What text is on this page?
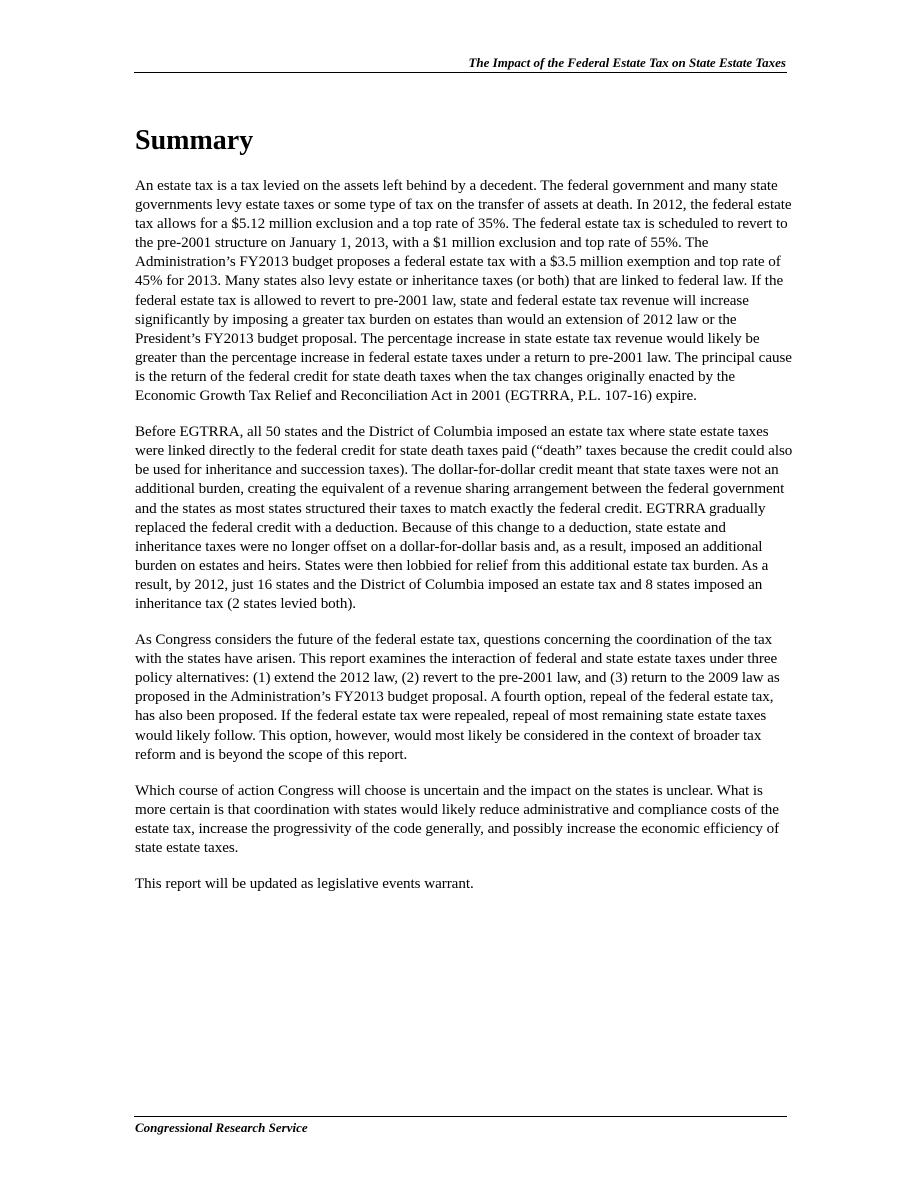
The Impact of the Federal Estate Tax on State Estate Taxes
Summary

An estate tax is a tax levied on the assets left behind by a decedent. The federal government and many state governments levy estate taxes or some type of tax on the transfer of assets at death. In 2012, the federal estate tax allows for a $5.12 million exclusion and a top rate of 35%. The federal estate tax is scheduled to revert to the pre-2001 structure on January 1, 2013, with a $1 million exclusion and top rate of 55%. The Administration’s FY2013 budget proposes a federal estate tax with a $3.5 million exemption and top rate of 45% for 2013. Many states also levy estate or inheritance taxes (or both) that are linked to federal law. If the federal estate tax is allowed to revert to pre-2001 law, state and federal estate tax revenue will increase significantly by imposing a greater tax burden on estates than would an extension of 2012 law or the President’s FY2013 budget proposal. The percentage increase in state estate tax revenue would likely be greater than the percentage increase in federal estate taxes under a return to pre-2001 law. The principal cause is the return of the federal credit for state death taxes when the tax changes originally enacted by the Economic Growth Tax Relief and Reconciliation Act in 2001 (EGTRRA, P.L. 107-16) expire.

Before EGTRRA, all 50 states and the District of Columbia imposed an estate tax where state estate taxes were linked directly to the federal credit for state death taxes paid (“death” taxes because the credit could also be used for inheritance and succession taxes). The dollar-for-dollar credit meant that state taxes were not an additional burden, creating the equivalent of a revenue sharing arrangement between the federal government and the states as most states structured their taxes to match exactly the federal credit. EGTRRA gradually replaced the federal credit with a deduction. Because of this change to a deduction, state estate and inheritance taxes were no longer offset on a dollar-for-dollar basis and, as a result, imposed an additional burden on estates and heirs. States were then lobbied for relief from this additional estate tax burden. As a result, by 2012, just 16 states and the District of Columbia imposed an estate tax and 8 states imposed an inheritance tax (2 states levied both).

As Congress considers the future of the federal estate tax, questions concerning the coordination of the tax with the states have arisen. This report examines the interaction of federal and state estate taxes under three policy alternatives: (1) extend the 2012 law, (2) revert to the pre-2001 law, and (3) return to the 2009 law as proposed in the Administration’s FY2013 budget proposal. A fourth option, repeal of the federal estate tax, has also been proposed. If the federal estate tax were repealed, repeal of most remaining state estate taxes would likely follow. This option, however, would most likely be considered in the context of broader tax reform and is beyond the scope of this report.

Which course of action Congress will choose is uncertain and the impact on the states is unclear. What is more certain is that coordination with states would likely reduce administrative and compliance costs of the estate tax, increase the progressivity of the code generally, and possibly increase the economic efficiency of state estate taxes.

This report will be updated as legislative events warrant.

Congressional Research Service
